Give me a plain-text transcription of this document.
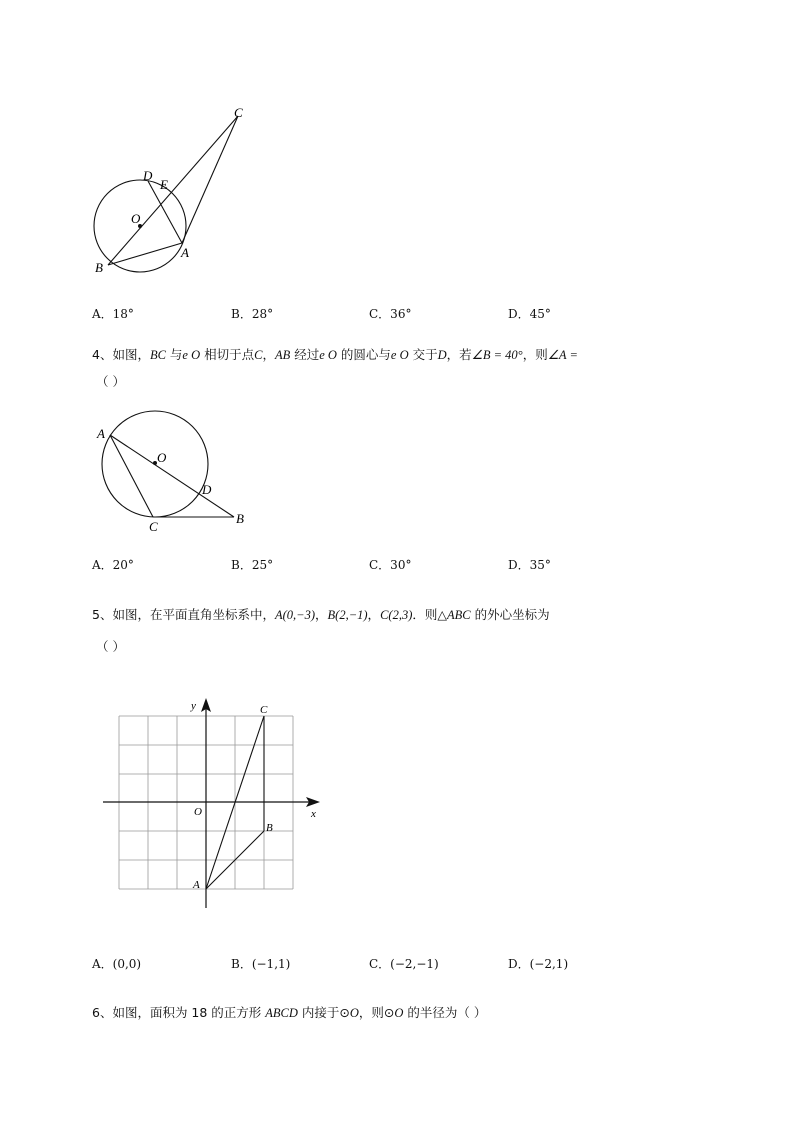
C
D
E
O
B
A
A．18°	B．28°	C．36°	D．45°
4、如图，BC 与e O 相切于点C，AB 经过e O 的圆心与e O 交于D，若∠B = 40°，则∠A =
（ ）
A
O
D
C
B
A．20°	B．25°	C．30°	D．35°
5、如图，在平面直角坐标系中，A(0,−3)，B(2,−1)，C(2,3)．则△ABC 的外心坐标为
（ ）
y
x
O
A
B
C
A．(0,0)	B．(−1,1)	C．(−2,−1)	D．(−2,1)
6、如图，面积为 18 的正方形 ABCD 内接于⊙O，则⊙O 的半径为（ ）
